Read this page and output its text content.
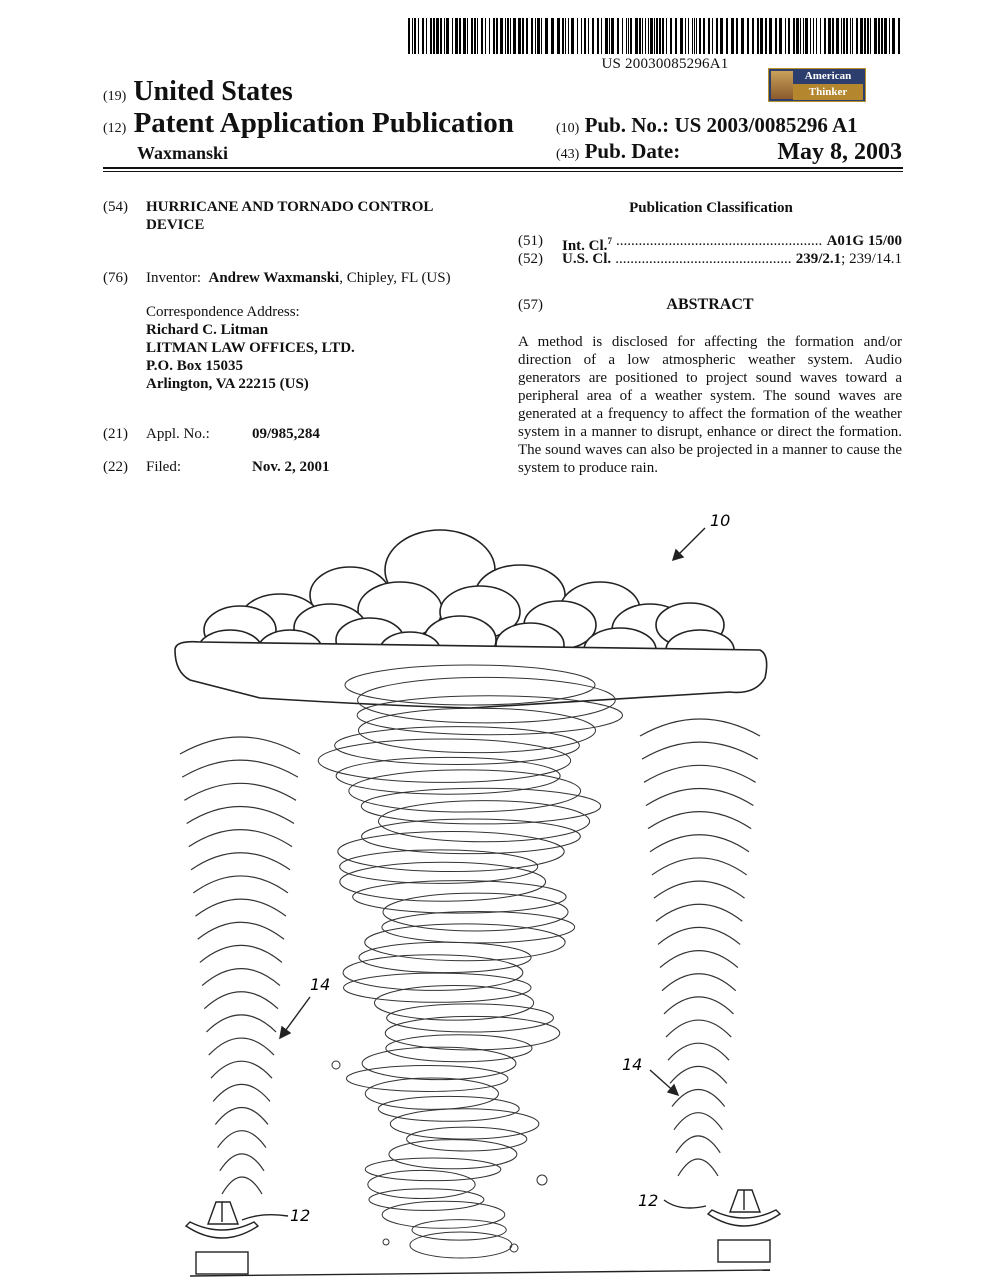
US 20030085296A1
American
Thinker
(19) United States
(12) Patent Application Publication
Waxmanski
(10) Pub. No.: US 2003/0085296 A1
(43) Pub. Date:	May 8, 2003
(54) HURRICANE AND TORNADO CONTROL DEVICE
(76) Inventor: Andrew Waxmanski, Chipley, FL (US)
Correspondence Address:
Richard C. Litman
LITMAN LAW OFFICES, LTD.
P.O. Box 15035
Arlington, VA 22215 (US)
(21) Appl. No.:	09/985,284
(22) Filed:	Nov. 2, 2001
Publication Classification
(51)	Int. Cl.$^7$ .....	A01G 15/00
(52)	U.S. Cl. .....	239/2.1; 239/14.1
(57)	ABSTRACT
A method is disclosed for affecting the formation and/or direction of a low atmospheric weather system. Audio generators are positioned to project sound waves toward a peripheral area of a weather system. The sound waves are generated at a frequency to affect the formation of the weather system in a manner to disrupt, enhance or direct the formation. The sound waves can also be projected in a manner to cause the system to produce rain.
10
14
14
12
12
